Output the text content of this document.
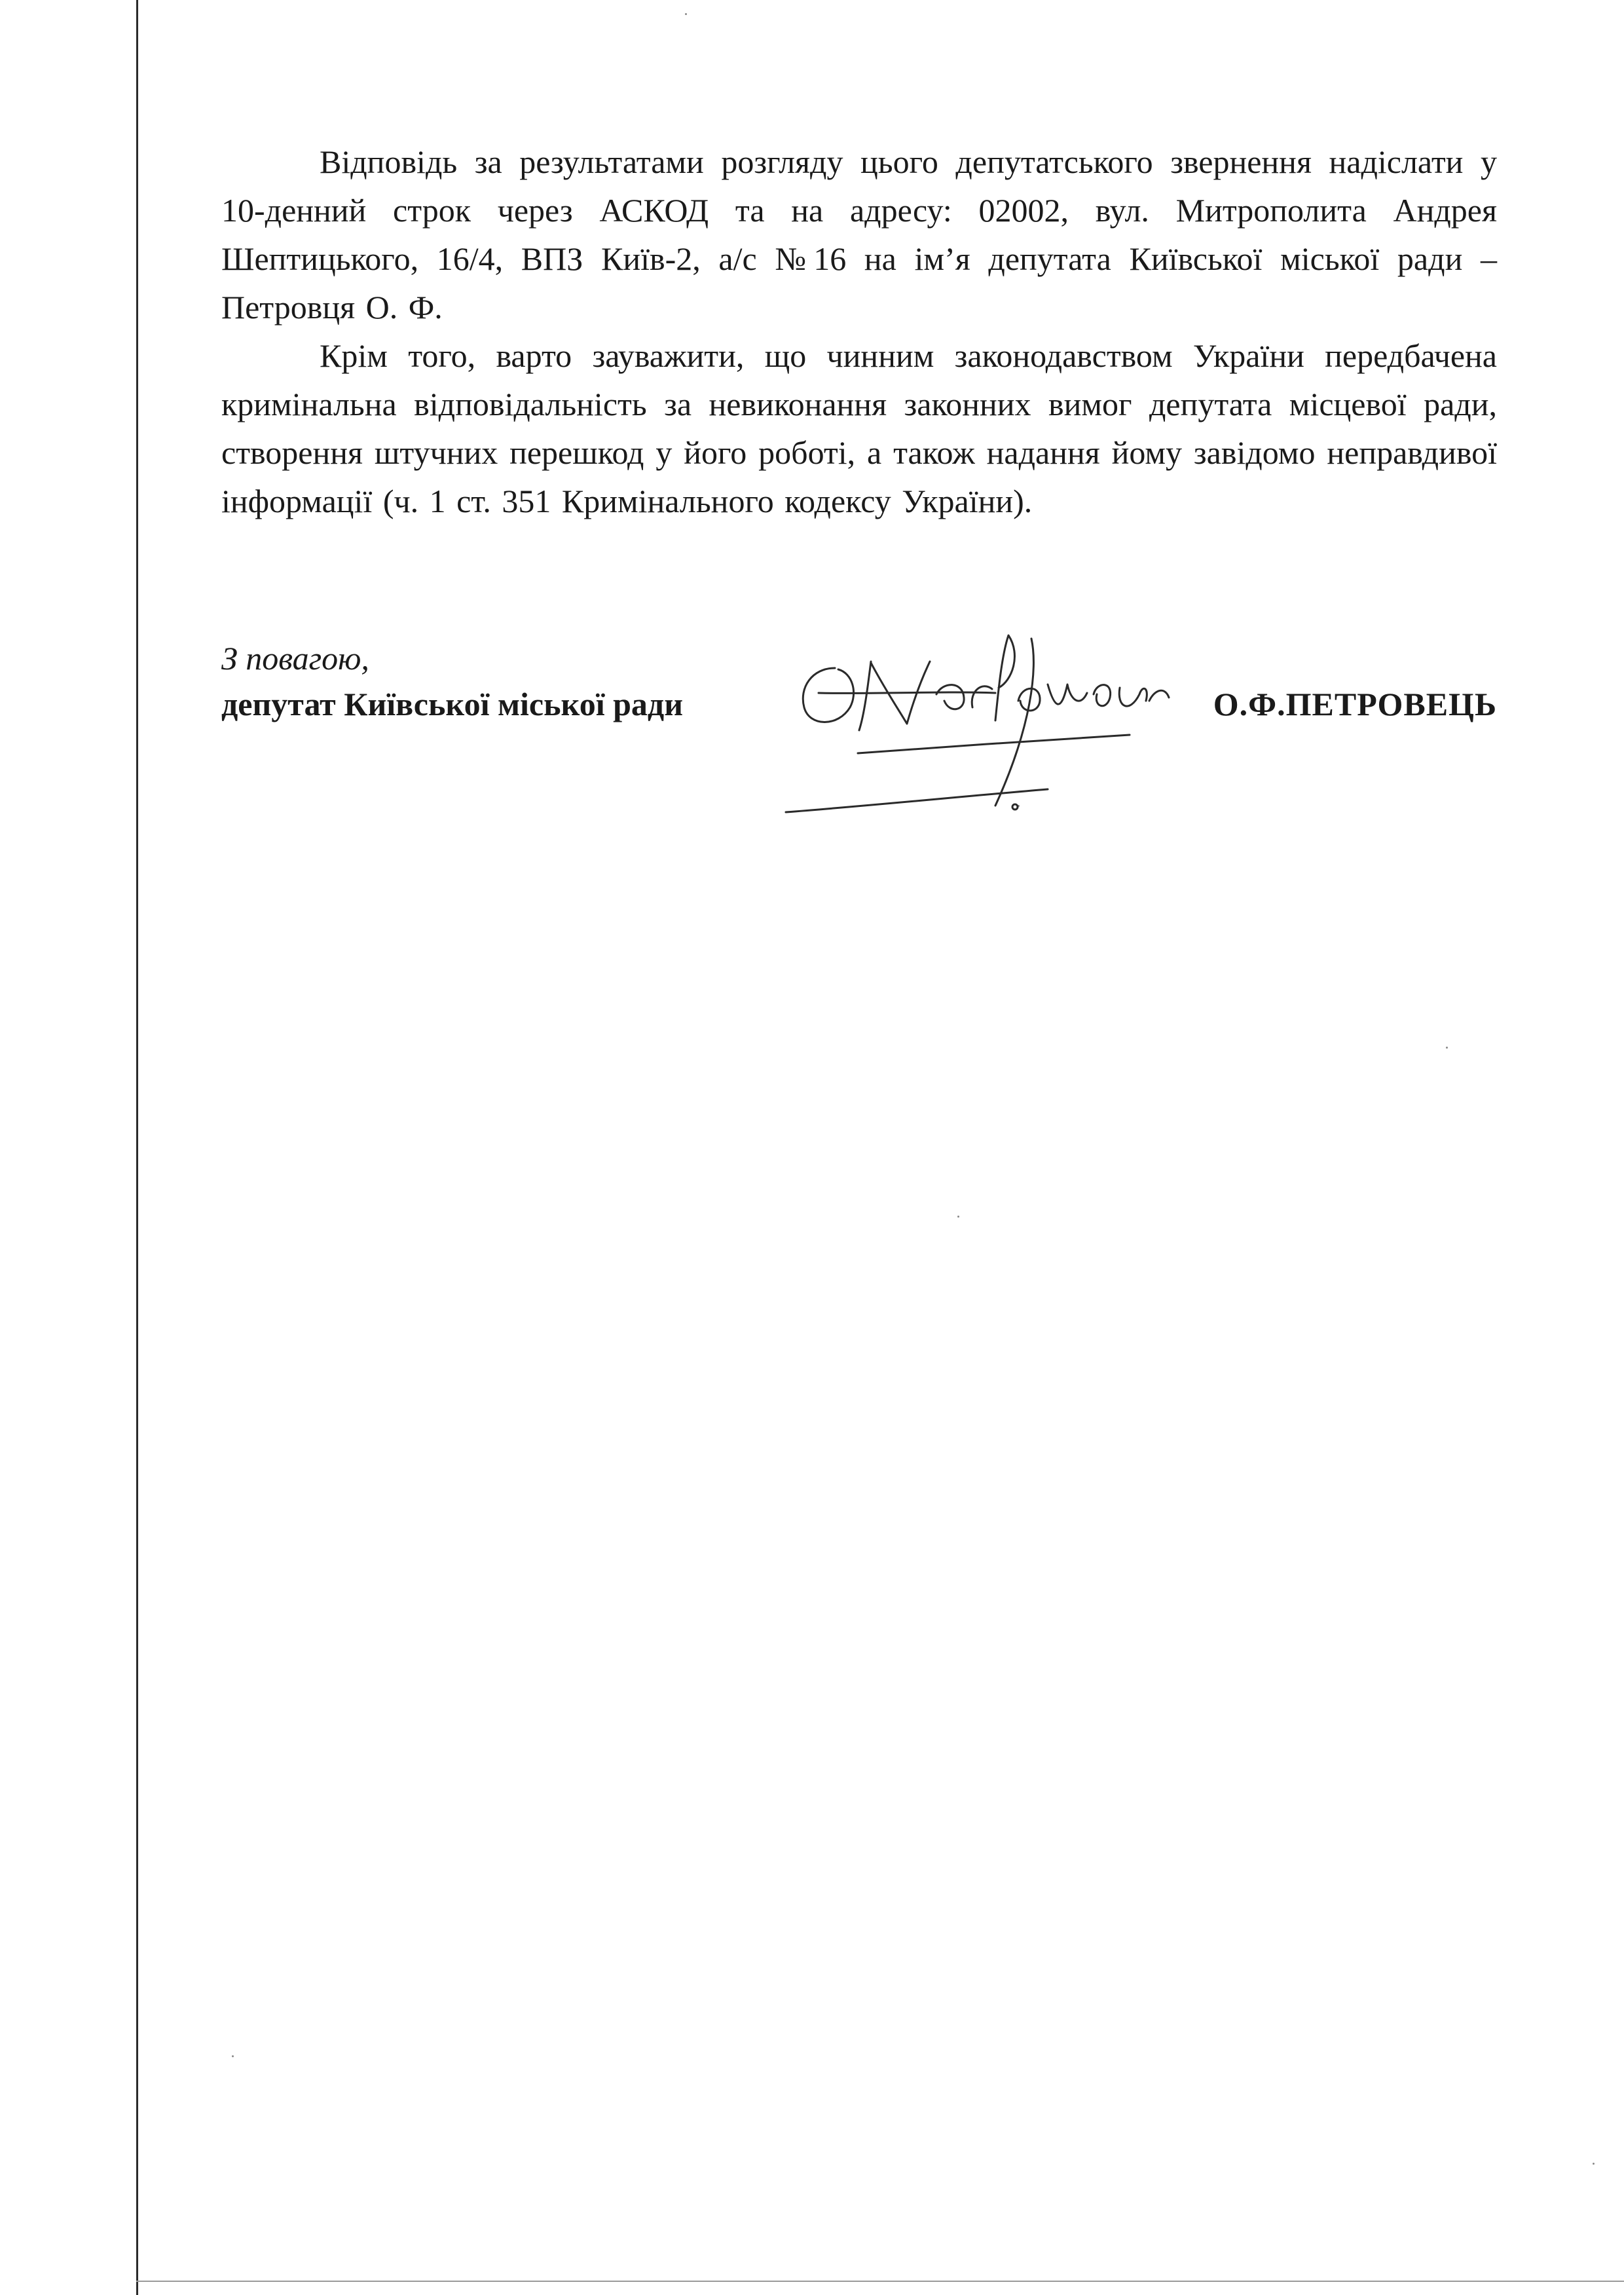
Відповідь за результатами розгляду цього депутатського звернення надіслати у 10-денний строк через АСКОД та на адресу: 02002, вул. Митрополита Андрея Шептицького, 16/4, ВПЗ Київ-2, а/с №16 на ім’я депутата Київської міської ради – Петровця О. Ф.

Крім того, варто зауважити, що чинним законодавством України передбачена кримінальна відповідальність за невиконання законних вимог депутата місцевої ради, створення штучних перешкод у його роботі, а також надання йому завідомо неправдивої інформації (ч. 1 ст. 351 Кримінального кодексу України).

З повагою,

депутат Київської міської ради	О.Ф.ПЕТРОВЕЦЬ
